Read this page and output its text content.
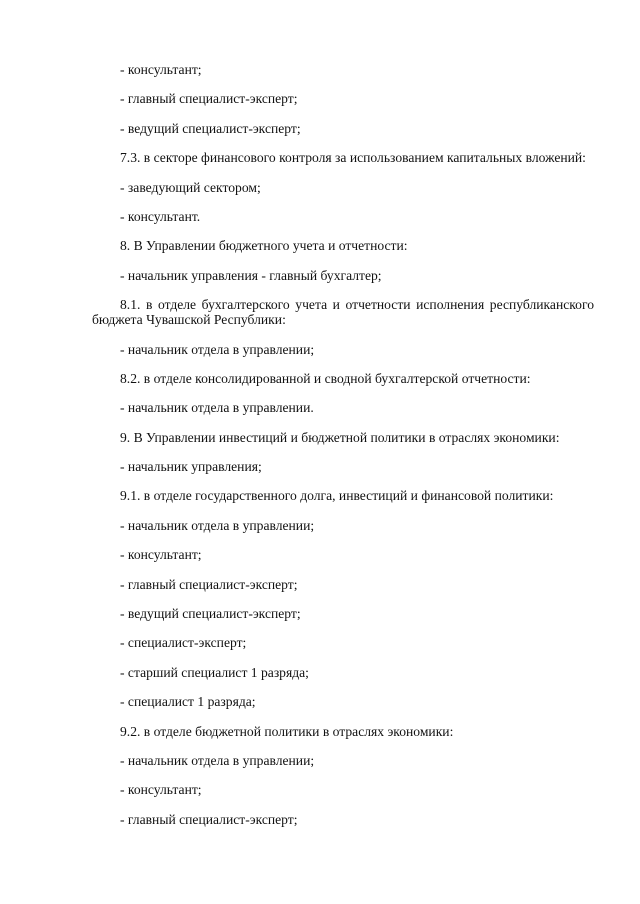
- консультант;

- главный специалист-эксперт;

- ведущий специалист-эксперт;

7.3. в секторе финансового контроля за использованием капитальных вложений:

- заведующий сектором;

- консультант.

8. В Управлении бюджетного учета и отчетности:

- начальник управления - главный бухгалтер;

8.1. в отделе бухгалтерского учета и отчетности исполнения республиканского бюджета Чувашской Республики:

- начальник отдела в управлении;

8.2. в отделе консолидированной и сводной бухгалтерской отчетности:

- начальник отдела в управлении.

9. В Управлении инвестиций и бюджетной политики в отраслях экономики:

- начальник управления;

9.1. в отделе государственного долга, инвестиций и финансовой политики:

- начальник отдела в управлении;

- консультант;

- главный специалист-эксперт;

- ведущий специалист-эксперт;

- специалист-эксперт;

- старший специалист 1 разряда;

- специалист 1 разряда;

9.2. в отделе бюджетной политики в отраслях экономики:

- начальник отдела в управлении;

- консультант;

- главный специалист-эксперт;
